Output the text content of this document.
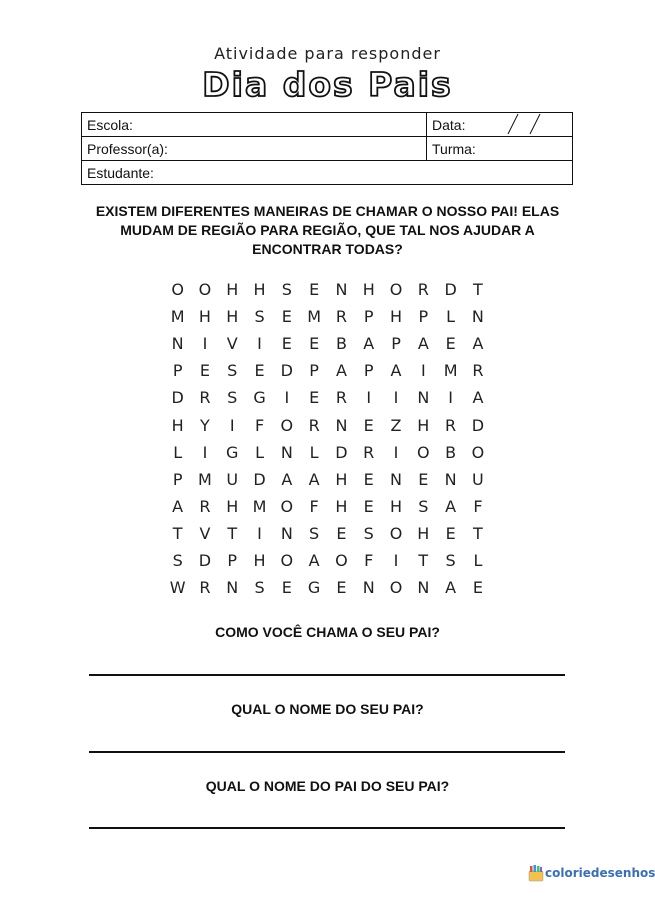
Atividade para responder
Dia dos Pais
Escola:	Data:
Professor(a):	Turma:
Estudante:	
EXISTEM DIFERENTES MANEIRAS DE CHAMAR O NOSSO PAI! ELAS MUDAM DE REGIÃO PARA REGIÃO, QUE TAL NOS AJUDAR A ENCONTRAR TODAS?
O O H H	S	E	N H O R D	T
M H H	S	E M R	P	H	P	L	N
N	I	V	I	E	E	B	A	P	A	E	A
P	E	S	E	D	P	A	P	A	I	M R
D R	S	G	I	E	R	I	I	N	I	A
H	Y	I	F	O R N	E	Z H R D
L	I	G	L	N	L	D R	I	O B O
P M U D A	A H	E	N	E	N U
A	R H M O	F	H	E	H	S	A	F
T	V	T	I	N	S	E	S O H	E	T
S	D	P	H O A O	F	I	T	S	L
W R N	S	E	G	E	N O N A	E
COMO VOCÊ CHAMA O SEU PAI?
QUAL O NOME DO SEU PAI?
QUAL O NOME DO PAI DO SEU PAI?
coloriedesenhos
